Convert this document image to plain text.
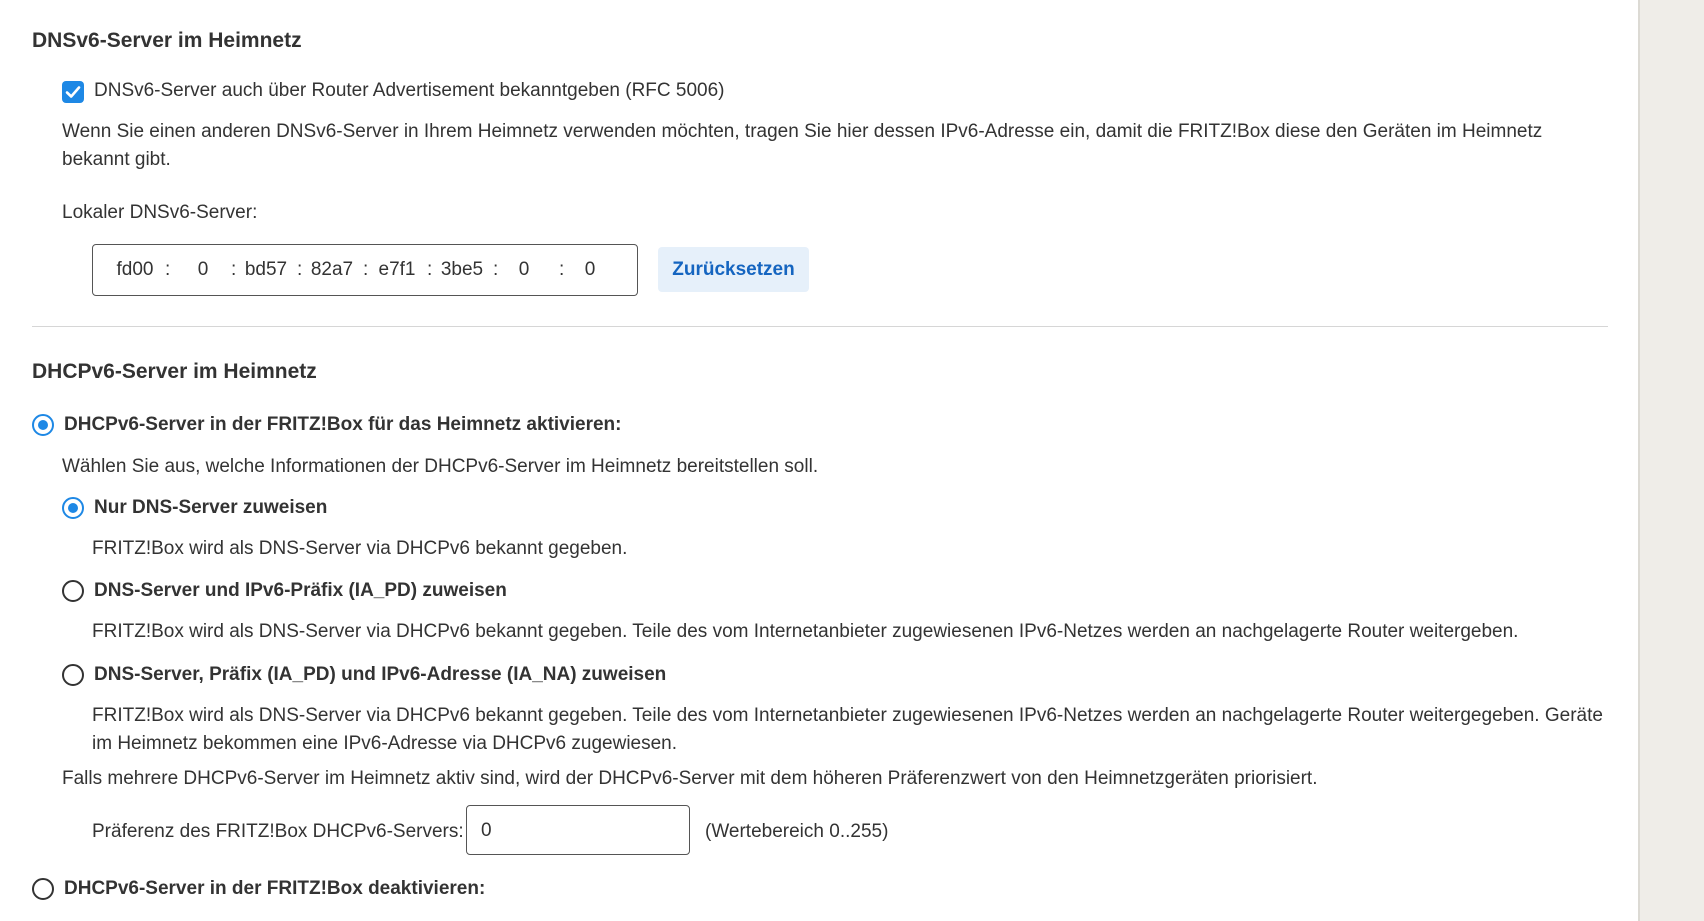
DNSv6-Server im Heimnetz
DNSv6-Server auch über Router Advertisement bekanntgeben (RFC 5006)
Wenn Sie einen anderen DNSv6-Server in Ihrem Heimnetz verwenden möchten, tragen Sie hier dessen IPv6-Adresse ein, damit die FRITZ!Box diese den Geräten im Heimnetz bekannt gibt.
Lokaler DNSv6-Server:
fd00 :	0	: bd57 : 82a7 : e7f1 : 3be5 :	0	:	0	Zurücksetzen
DHCPv6-Server im Heimnetz
DHCPv6-Server in der FRITZ!Box für das Heimnetz aktivieren:
Wählen Sie aus, welche Informationen der DHCPv6-Server im Heimnetz bereitstellen soll.
Nur DNS-Server zuweisen
FRITZ!Box wird als DNS-Server via DHCPv6 bekannt gegeben.
DNS-Server und IPv6-Präfix (IA_PD) zuweisen
FRITZ!Box wird als DNS-Server via DHCPv6 bekannt gegeben. Teile des vom Internetanbieter zugewiesenen IPv6-Netzes werden an nachgelagerte Router weitergeben.
DNS-Server, Präfix (IA_PD) und IPv6-Adresse (IA_NA) zuweisen
FRITZ!Box wird als DNS-Server via DHCPv6 bekannt gegeben. Teile des vom Internetanbieter zugewiesenen IPv6-Netzes werden an nachgelagerte Router weitergegeben. Geräte im Heimnetz bekommen eine IPv6-Adresse via DHCPv6 zugewiesen.
Falls mehrere DHCPv6-Server im Heimnetz aktiv sind, wird der DHCPv6-Server mit dem höheren Präferenzwert von den Heimnetzgeräten priorisiert.
Präferenz des FRITZ!Box DHCPv6-Servers: 0	(Wertebereich 0..255)
DHCPv6-Server in der FRITZ!Box deaktivieren:
